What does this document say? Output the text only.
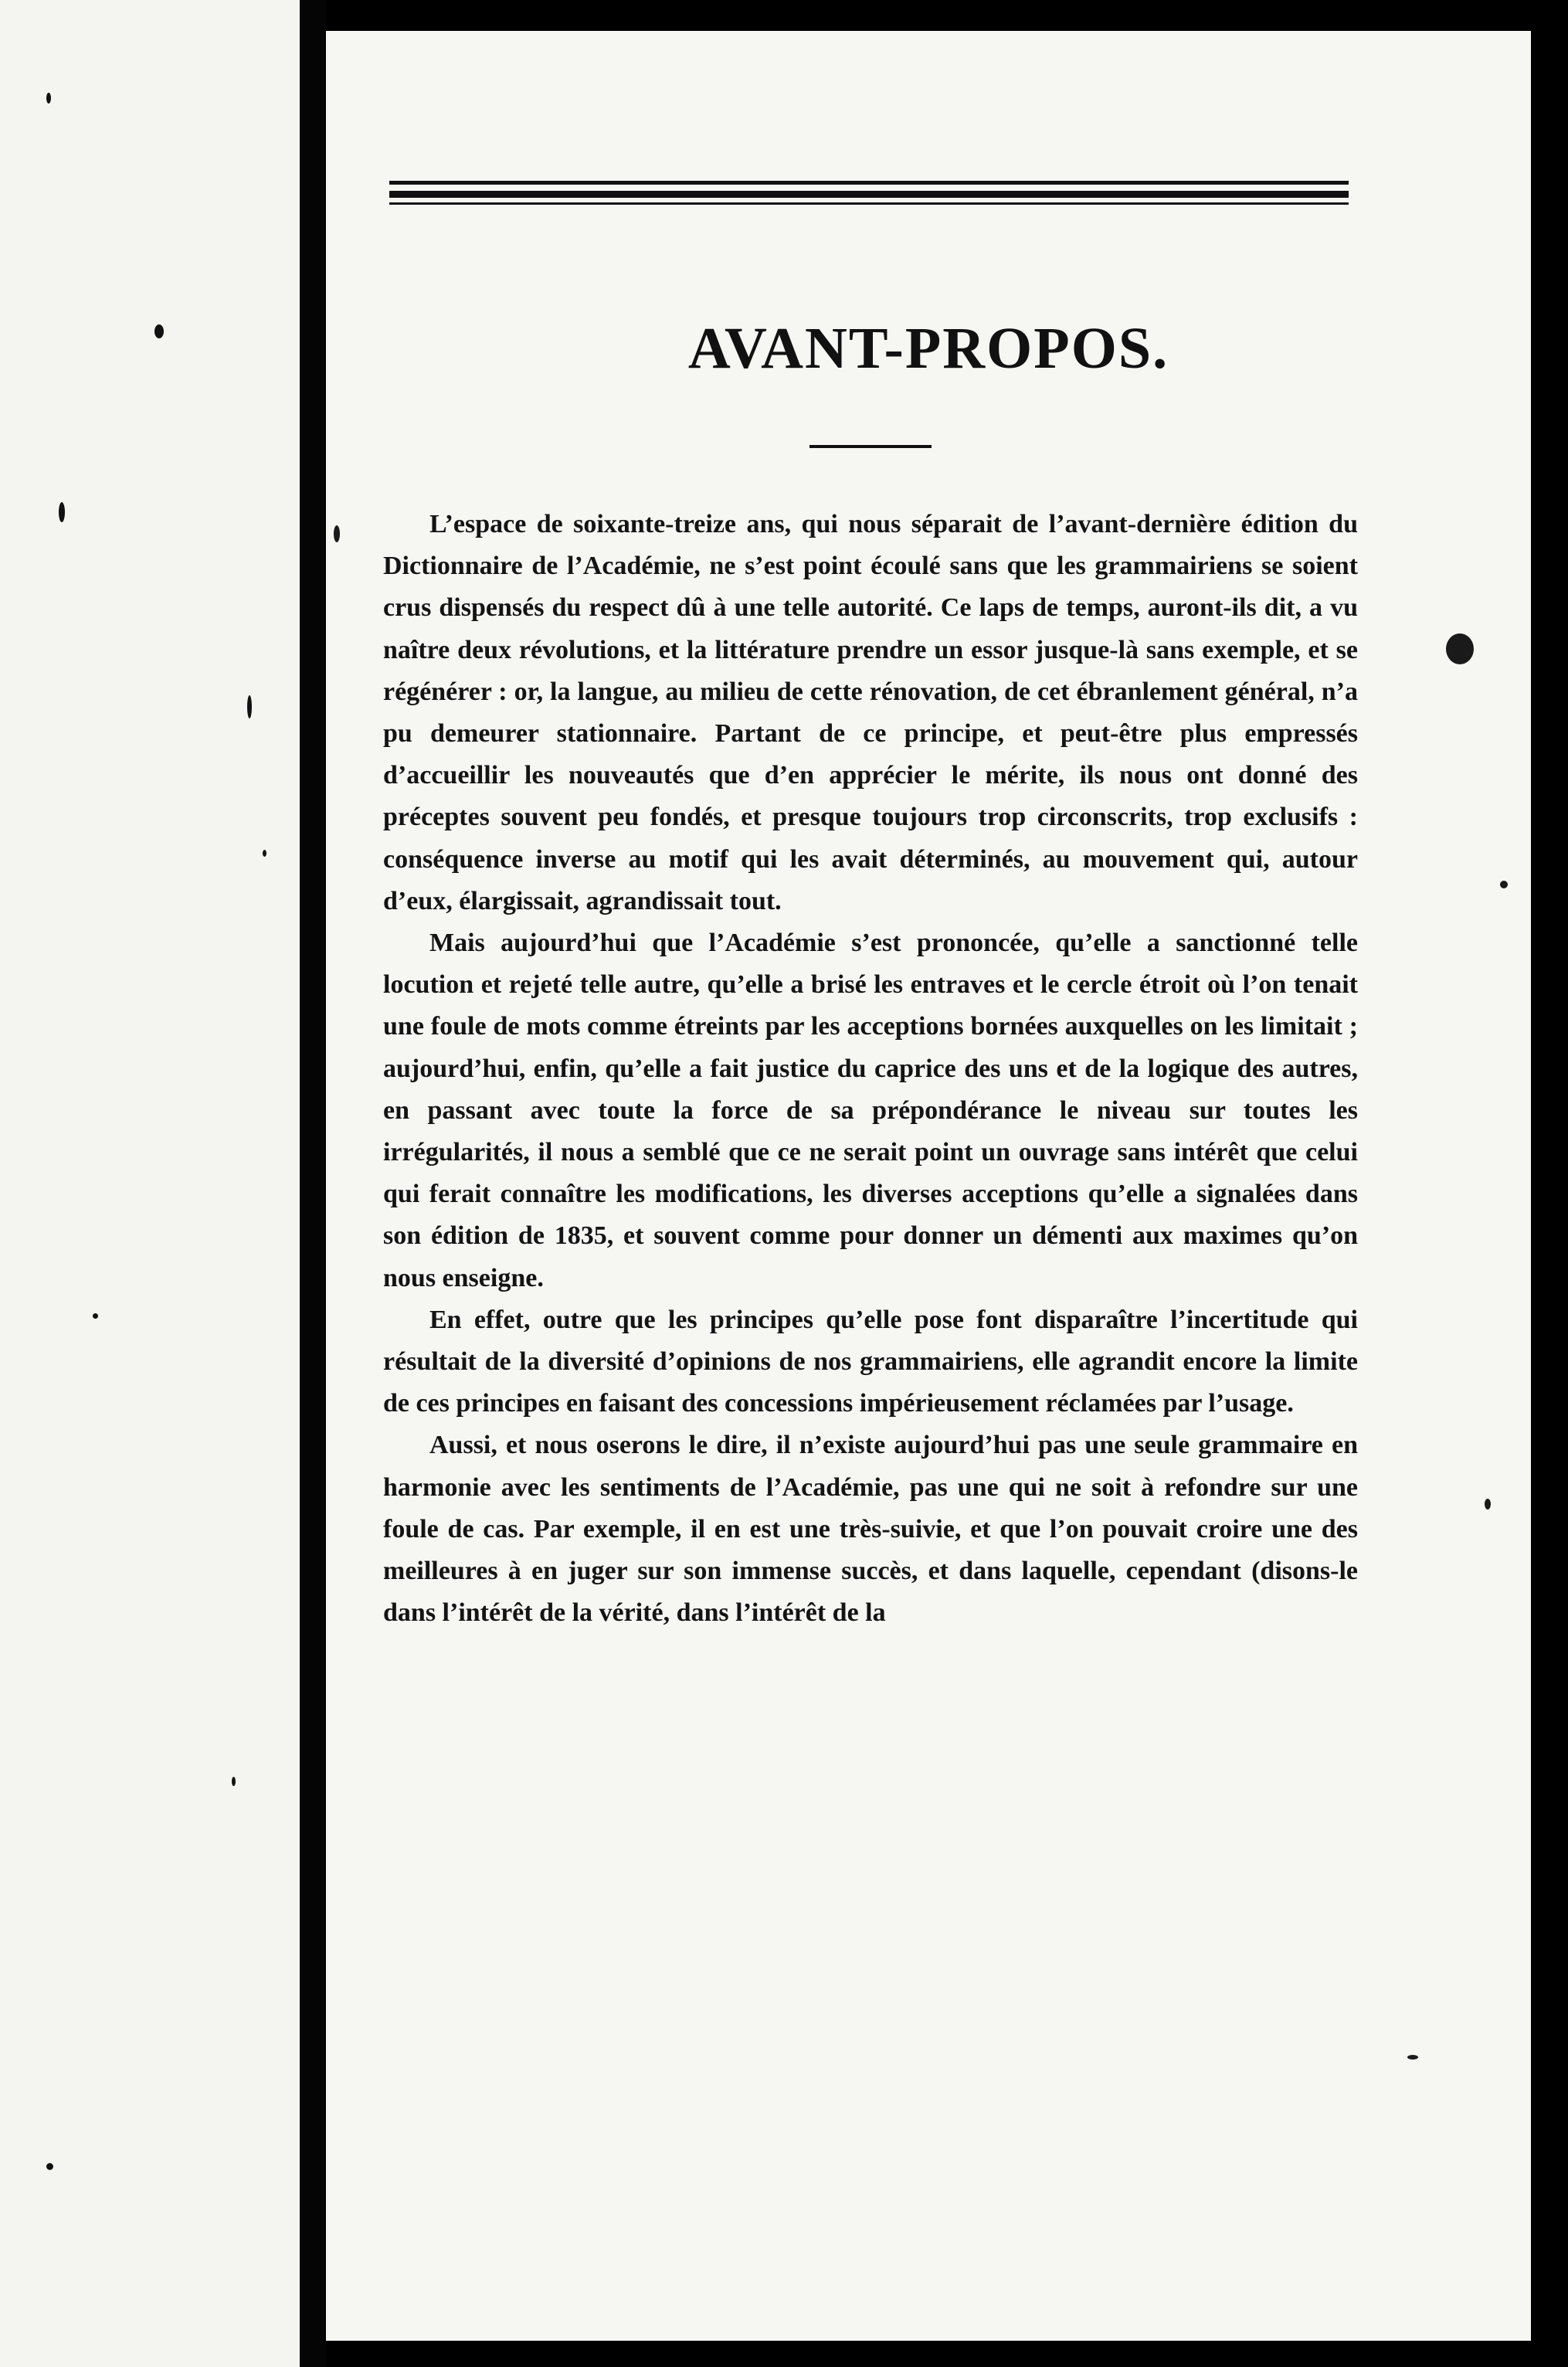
AVANT-PROPOS.

L’espace de soixante-treize ans, qui nous séparait de l’avant-dernière édition du Dictionnaire de l’Académie, ne s’est point écoulé sans que les grammairiens se soient crus dispensés du respect dû à une telle autorité. Ce laps de temps, auront-ils dit, a vu naître deux révolutions, et la littérature prendre un essor jusque-là sans exemple, et se régénérer : or, la langue, au milieu de cette rénovation, de cet ébranlement général, n’a pu demeurer stationnaire. Partant de ce principe, et peut-être plus empressés d’accueillir les nouveautés que d’en apprécier le mérite, ils nous ont donné des préceptes souvent peu fondés, et presque toujours trop circonscrits, trop exclusifs : conséquence inverse au motif qui les avait déterminés, au mouvement qui, autour d’eux, élargissait, agrandissait tout.

Mais aujourd’hui que l’Académie s’est prononcée, qu’elle a sanctionné telle locution et rejeté telle autre, qu’elle a brisé les entraves et le cercle étroit où l’on tenait une foule de mots comme étreints par les acceptions bornées auxquelles on les limitait ; aujourd’hui, enfin, qu’elle a fait justice du caprice des uns et de la logique des autres, en passant avec toute la force de sa prépondérance le niveau sur toutes les irrégularités, il nous a semblé que ce ne serait point un ouvrage sans intérêt que celui qui ferait connaître les modifications, les diverses acceptions qu’elle a signalées dans son édition de 1835, et souvent comme pour donner un démenti aux maximes qu’on nous enseigne.

En effet, outre que les principes qu’elle pose font disparaître l’incertitude qui résultait de la diversité d’opinions de nos grammairiens, elle agrandit encore la limite de ces principes en faisant des concessions impérieusement réclamées par l’usage.

Aussi, et nous oserons le dire, il n’existe aujourd’hui pas une seule grammaire en harmonie avec les sentiments de l’Académie, pas une qui ne soit à refondre sur une foule de cas. Par exemple, il en est une très-suivie, et que l’on pouvait croire une des meilleures à en juger sur son immense succès, et dans laquelle, cependant (disons-le dans l’intérêt de la vérité, dans l’intérêt de la
